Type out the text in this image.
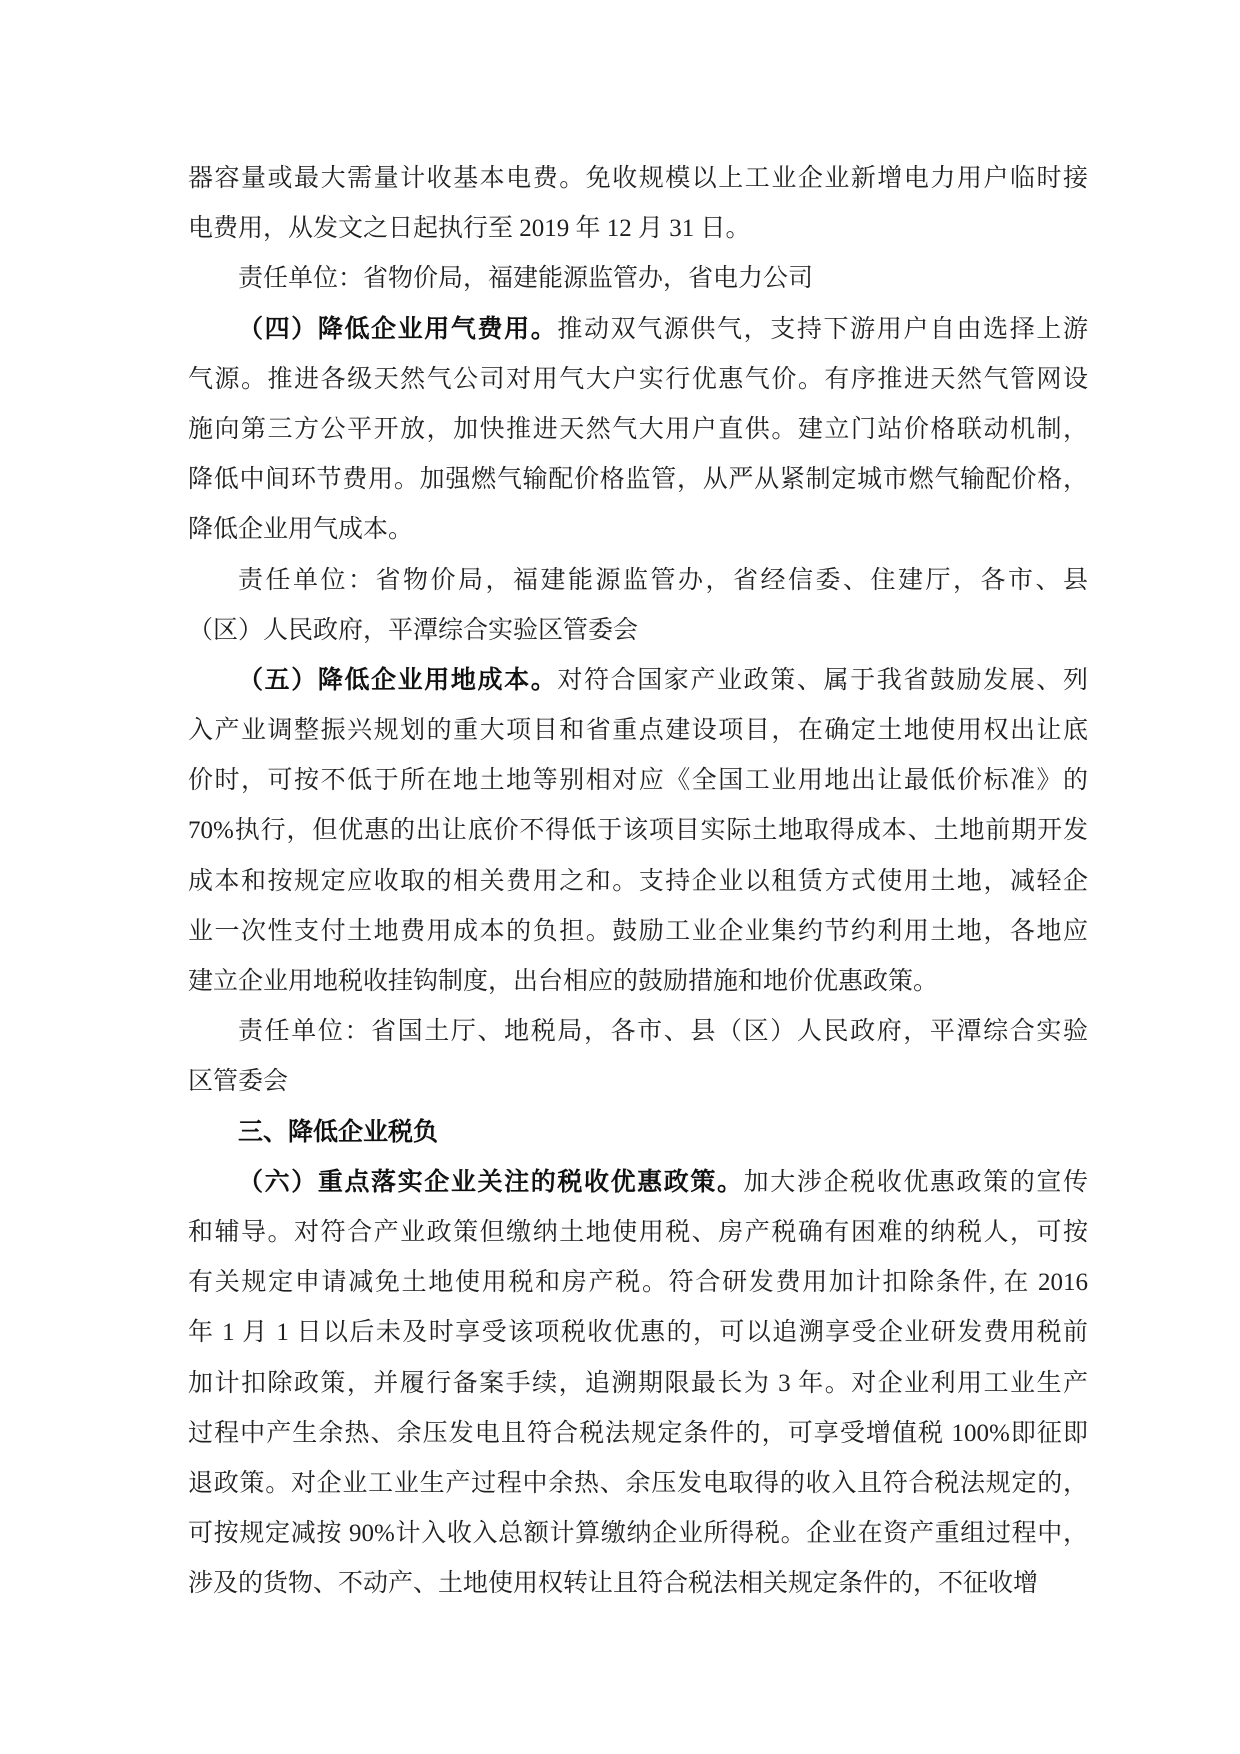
器容量或最大需量计收基本电费。免收规模以上工业企业新增电力用户临时接
电费用，从发文之日起执行至 2019 年 12 月 31 日。
责任单位：省物价局，福建能源监管办，省电力公司
（四）降低企业用气费用。推动双气源供气，支持下游用户自由选择上游
气源。推进各级天然气公司对用气大户实行优惠气价。有序推进天然气管网设
施向第三方公平开放，加快推进天然气大用户直供。建立门站价格联动机制，
降低中间环节费用。加强燃气输配价格监管，从严从紧制定城市燃气输配价格，
降低企业用气成本。
责任单位：省物价局，福建能源监管办，省经信委、住建厅，各市、县
（区）人民政府，平潭综合实验区管委会
（五）降低企业用地成本。对符合国家产业政策、属于我省鼓励发展、列
入产业调整振兴规划的重大项目和省重点建设项目，在确定土地使用权出让底
价时，可按不低于所在地土地等别相对应《全国工业用地出让最低价标准》的
70%执行，但优惠的出让底价不得低于该项目实际土地取得成本、土地前期开发
成本和按规定应收取的相关费用之和。支持企业以租赁方式使用土地，减轻企
业一次性支付土地费用成本的负担。鼓励工业企业集约节约利用土地，各地应
建立企业用地税收挂钩制度，出台相应的鼓励措施和地价优惠政策。
责任单位：省国土厅、地税局，各市、县（区）人民政府，平潭综合实验
区管委会
三、降低企业税负
（六）重点落实企业关注的税收优惠政策。加大涉企税收优惠政策的宣传
和辅导。对符合产业政策但缴纳土地使用税、房产税确有困难的纳税人，可按
有关规定申请减免土地使用税和房产税。符合研发费用加计扣除条件, 在 2016
年 1 月 1 日以后未及时享受该项税收优惠的，可以追溯享受企业研发费用税前
加计扣除政策，并履行备案手续，追溯期限最长为 3 年。对企业利用工业生产
过程中产生余热、余压发电且符合税法规定条件的，可享受增值税 100%即征即
退政策。对企业工业生产过程中余热、余压发电取得的收入且符合税法规定的，
可按规定减按 90%计入收入总额计算缴纳企业所得税。企业在资产重组过程中，
涉及的货物、不动产、土地使用权转让且符合税法相关规定条件的，不征收增
